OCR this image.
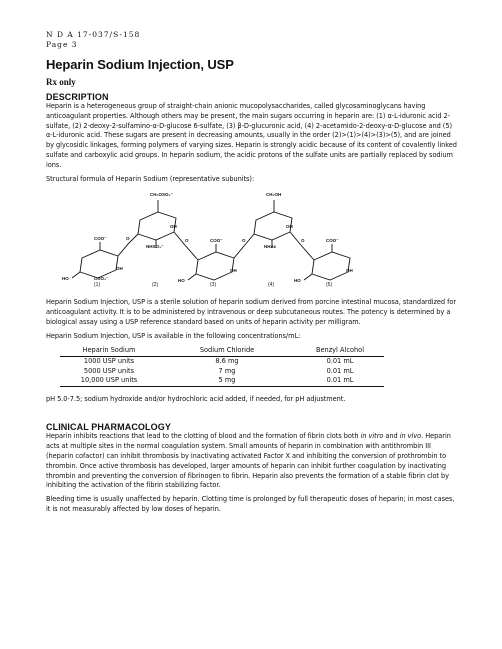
N D A 17-037/S-158
Page 3
Heparin Sodium Injection, USP
Rx only
DESCRIPTION

Heparin is a heterogeneous group of straight-chain anionic mucopolysaccharides, called glycosaminoglycans having anticoagulant properties. Although others may be present, the main sugars occurring in heparin are: (1) α-L-iduronic acid 2-sulfate, (2) 2-deoxy-2-sulfamino-α-D-glucose 6-sulfate, (3) β-D-glucuronic acid, (4) 2-acetamido-2-deoxy-α-D-glucose and (5) α-L-iduronic acid. These sugars are present in decreasing amounts, usually in the order (2)>(1)>(4)>(3)>(5), and are joined by glycosidic linkages, forming polymers of varying sizes. Heparin is strongly acidic because of its content of covalently linked sulfate and carboxylic acid groups. In heparin sodium, the acidic protons of the sulfate units are partially replaced by sodium ions.

Structural formula of Heparin Sodium (representative subunits):

CH₂OSO₃⁻	CH₂OH
COO⁻	COO⁻	COO⁻
NHSO₃⁻	NHAc
OH	OH
OH	OH	OH
HO	HO	HO
OSO₃⁻
O	O	O	O
(1)	(2)	(3)	(4)	(5)

Heparin Sodium Injection, USP is a sterile solution of heparin sodium derived from porcine intestinal mucosa, standardized for anticoagulant activity. It is to be administered by intravenous or deep subcutaneous routes. The potency is determined by a biological assay using a USP reference standard based on units of heparin activity per milligram.

Heparin Sodium Injection, USP is available in the following concentrations/mL:

Heparin Sodium	Sodium Chloride	Benzyl Alcohol
1000 USP units	8.6 mg	0.01 mL
5000 USP units	7 mg	0.01 mL
10,000 USP units	5 mg	0.01 mL

pH 5.0-7.5; sodium hydroxide and/or hydrochloric acid added, if needed, for pH adjustment.

CLINICAL PHARMACOLOGY

Heparin inhibits reactions that lead to the clotting of blood and the formation of fibrin clots both in vitro and in vivo. Heparin acts at multiple sites in the normal coagulation system. Small amounts of heparin in combination with antithrombin III (heparin cofactor) can inhibit thrombosis by inactivating activated Factor X and inhibiting the conversion of prothrombin to thrombin. Once active thrombosis has developed, larger amounts of heparin can inhibit further coagulation by inactivating thrombin and preventing the conversion of fibrinogen to fibrin. Heparin also prevents the formation of a stable fibrin clot by inhibiting the activation of the fibrin stabilizing factor.

Bleeding time is usually unaffected by heparin. Clotting time is prolonged by full therapeutic doses of heparin; in most cases, it is not measurably affected by low doses of heparin.
